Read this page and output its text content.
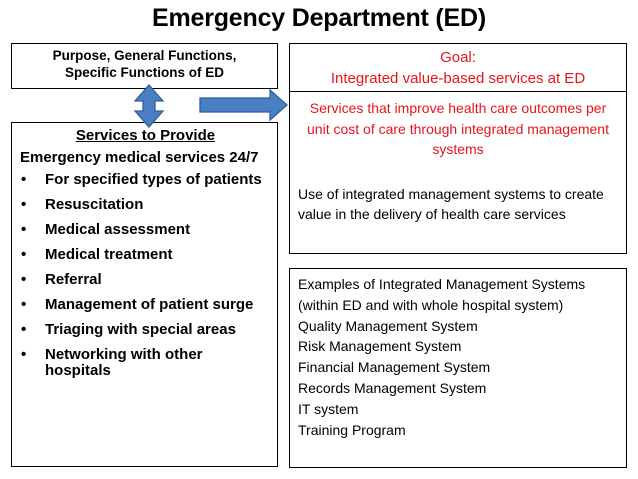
Emergency Department (ED)
Purpose, General Functions,
Specific Functions of ED
Goal:
Integrated value-based services at ED
Services that improve health care outcomes per unit cost of care through integrated management systems
Use of integrated management systems to create value in the delivery of health care services
Services to Provide
Emergency medical services 24/7
• For specified types of patients
• Resuscitation
• Medical assessment
• Medical treatment
• Referral
• Management of patient surge
• Triaging with special areas
• Networking with other hospitals
Examples of Integrated Management Systems (within ED and with whole hospital system)
Quality Management System
Risk Management System
Financial Management System
Records Management System
IT system
Training Program
